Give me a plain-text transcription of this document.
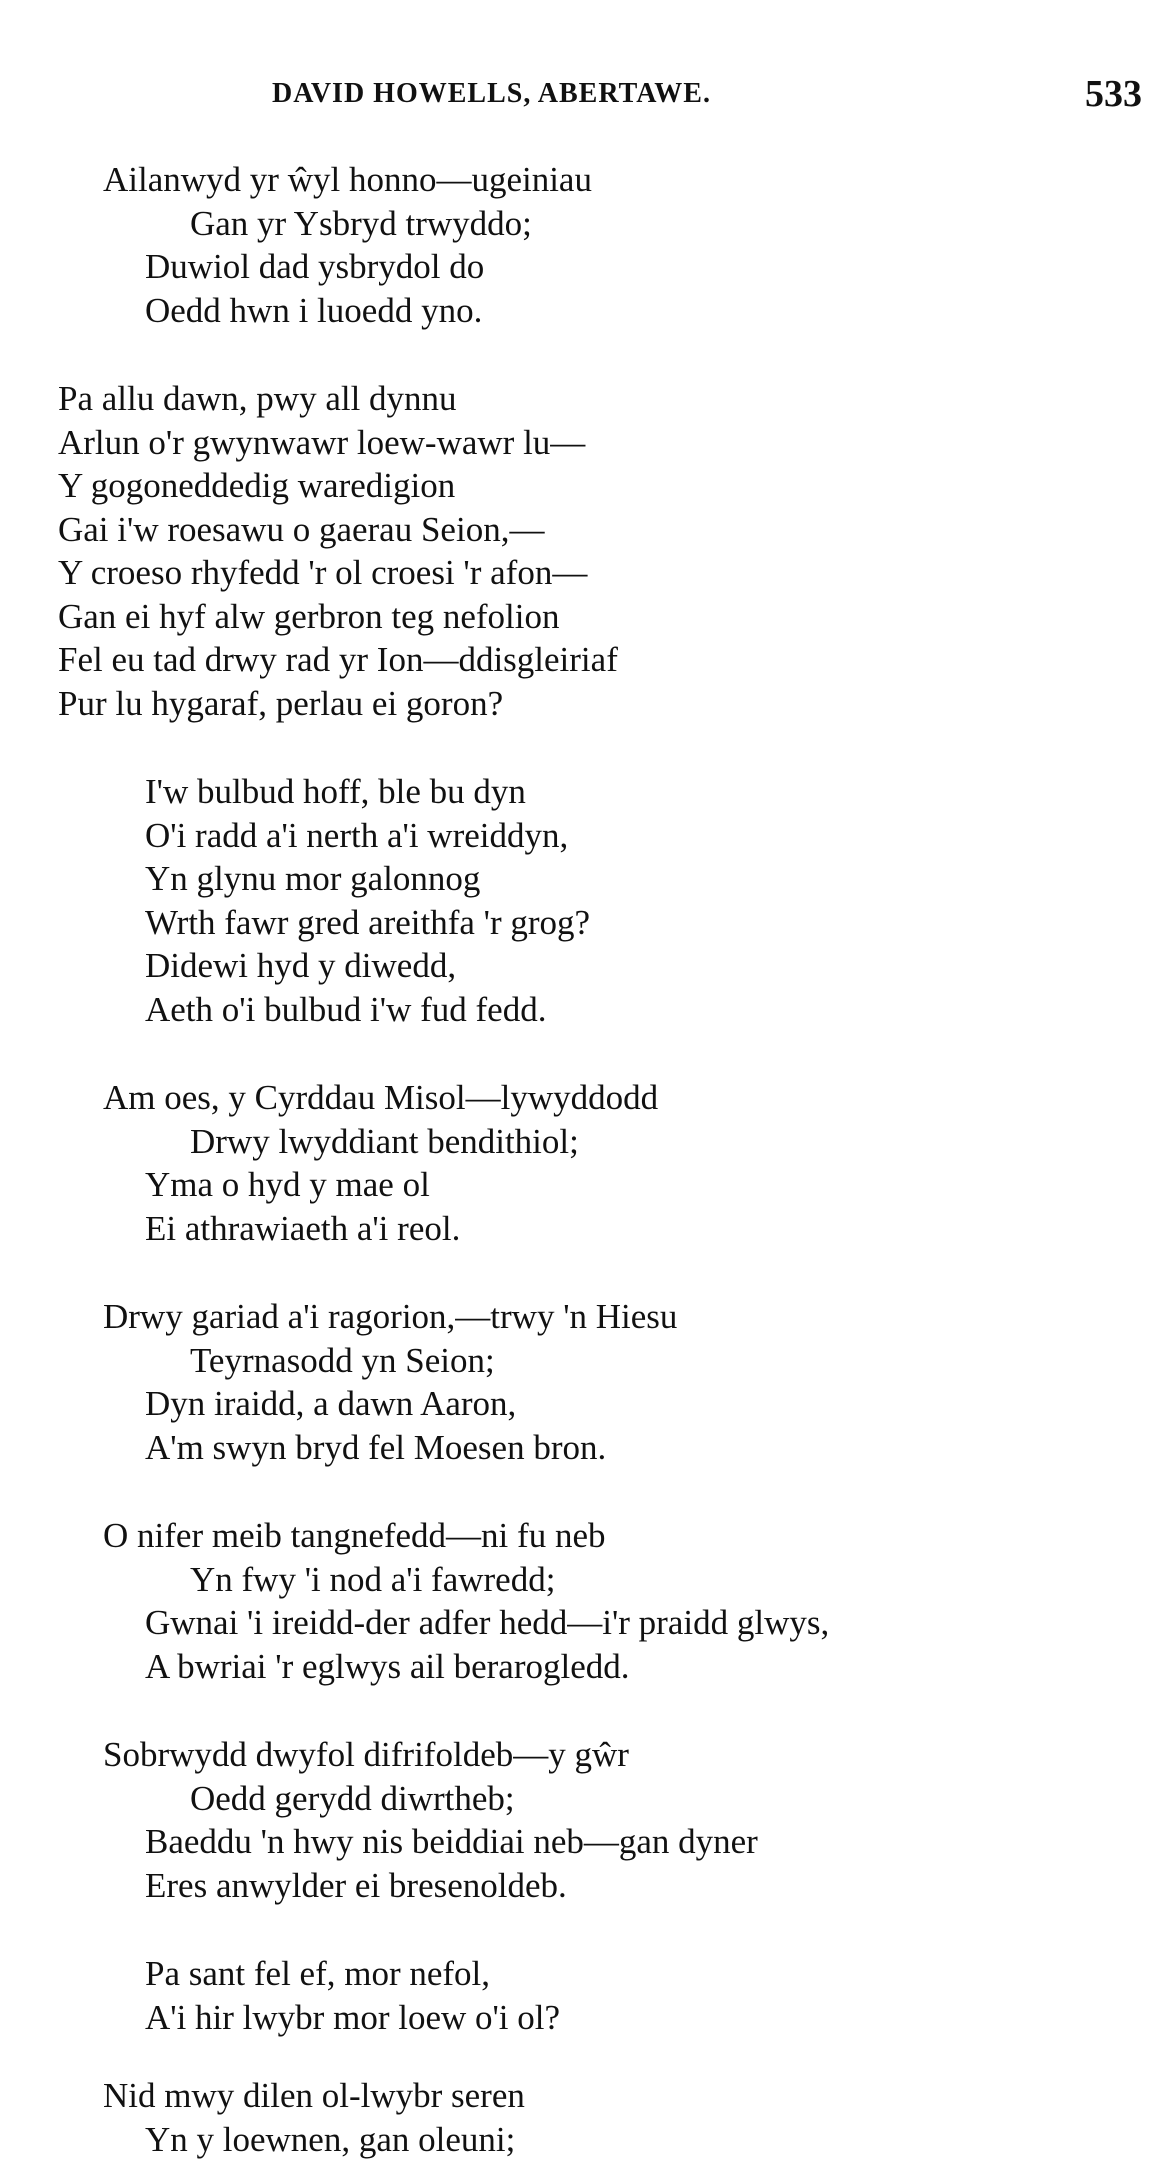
DAVID HOWELLS, ABERTAWE.	533
Ailanwyd yr ŵyl honno—ugeiniau
Gan yr Ysbryd trwyddo;
Duwiol dad ysbrydol do
Oedd hwn i luoedd yno.
Pa allu dawn, pwy all dynnu
Arlun o'r gwynwawr loew-wawr lu—
Y gogoneddedig waredigion
Gai i'w roesawu o gaerau Seion,—
Y croeso rhyfedd 'r ol croesi 'r afon—
Gan ei hyf alw gerbron teg nefolion
Fel eu tad drwy rad yr Ion—ddisgleiriaf
Pur lu hygaraf, perlau ei goron?
I'w bulbud hoff, ble bu dyn
O'i radd a'i nerth a'i wreiddyn,
Yn glynu mor galonnog
Wrth fawr gred areithfa 'r grog?
Didewi hyd y diwedd,
Aeth o'i bulbud i'w fud fedd.
Am oes, y Cyrddau Misol—lywyddodd
Drwy lwyddiant bendithiol;
Yma o hyd y mae ol
Ei athrawiaeth a'i reol.
Drwy gariad a'i ragorion,—trwy 'n Hiesu
Teyrnasodd yn Seion;
Dyn iraidd, a dawn Aaron,
A'm swyn bryd fel Moesen bron.
O nifer meib tangnefedd—ni fu neb
Yn fwy 'i nod a'i fawredd;
Gwnai 'i ireidd-der adfer hedd—i'r praidd glwys,
A bwriai 'r eglwys ail berarogledd.
Sobrwydd dwyfol difrifoldeb—y gŵr
Oedd gerydd diwrtheb;
Baeddu 'n hwy nis beiddiai neb—gan dyner
Eres anwylder ei bresenoldeb.
Pa sant fel ef, mor nefol,
A'i hir lwybr mor loew o'i ol?
Nid mwy dilen ol-lwybr seren
Yn y loewnen, gan oleuni;
